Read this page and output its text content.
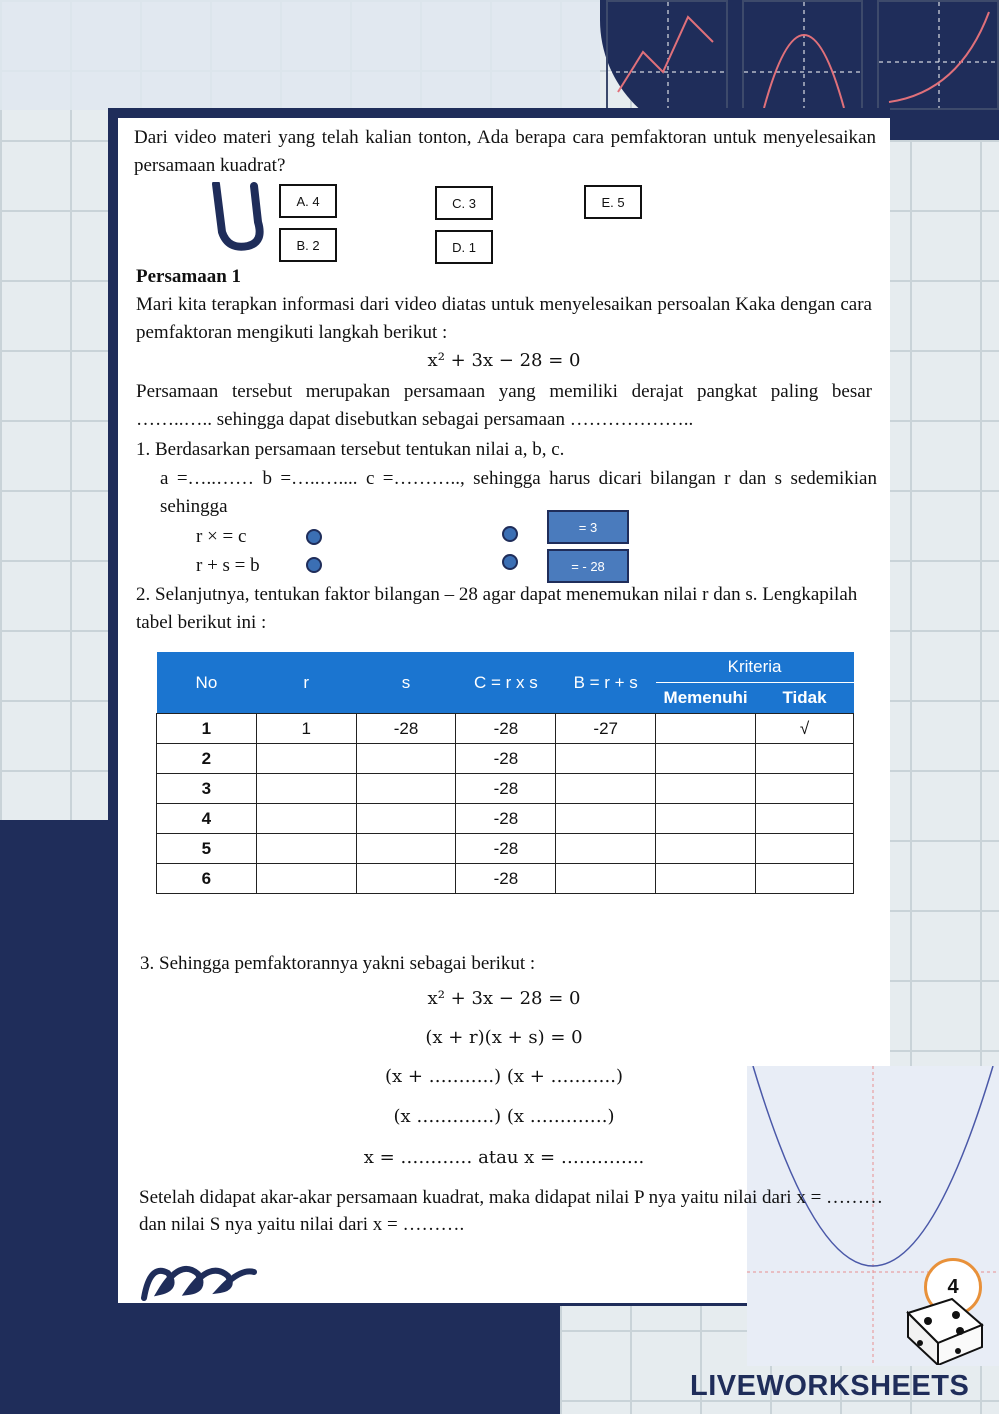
Dari video materi yang telah kalian tonton, Ada berapa cara pemfaktoran untuk menyelesaikan persamaan kuadrat?
A. 4
B. 2
C. 3
D. 1
E. 5
Persamaan 1
Mari kita terapkan informasi dari video diatas untuk menyelesaikan persoalan Kaka dengan cara pemfaktoran mengikuti langkah berikut :
x² + 3x − 28 = 0
Persamaan tersebut merupakan persamaan yang memiliki derajat pangkat paling besar ……..….. sehingga dapat disebutkan sebagai persamaan ………………..
1. Berdasarkan persamaan tersebut tentukan nilai a, b, c.
a =…..…… b =…..….... c =……….., sehingga harus dicari bilangan r dan s sedemikian sehingga
r × = c
r + s = b
= 3
= - 28
2. Selanjutnya, tentukan faktor bilangan – 28 agar dapat menemukan nilai r dan s. Lengkapilah tabel berikut ini :
No	r	s	C = r x s	B = r + s	Kriteria	
					Memenuhi	Tidak
1	1	-28	-28	-27		√
2			-28			
3			-28			
4			-28			
5			-28			
6			-28			
3. Sehingga pemfaktorannya yakni sebagai berikut :
x² + 3x − 28 = 0
(x + r)(x + s) = 0
(x + ………..) (x + ………..)
(x ………….) (x ………….)
x = ………… atau x = …………..
Setelah didapat akar-akar persamaan kuadrat, maka didapat nilai P nya yaitu nilai dari x = ……… dan nilai S nya yaitu nilai dari x = ……….
4
LIVEWORKSHEETS
